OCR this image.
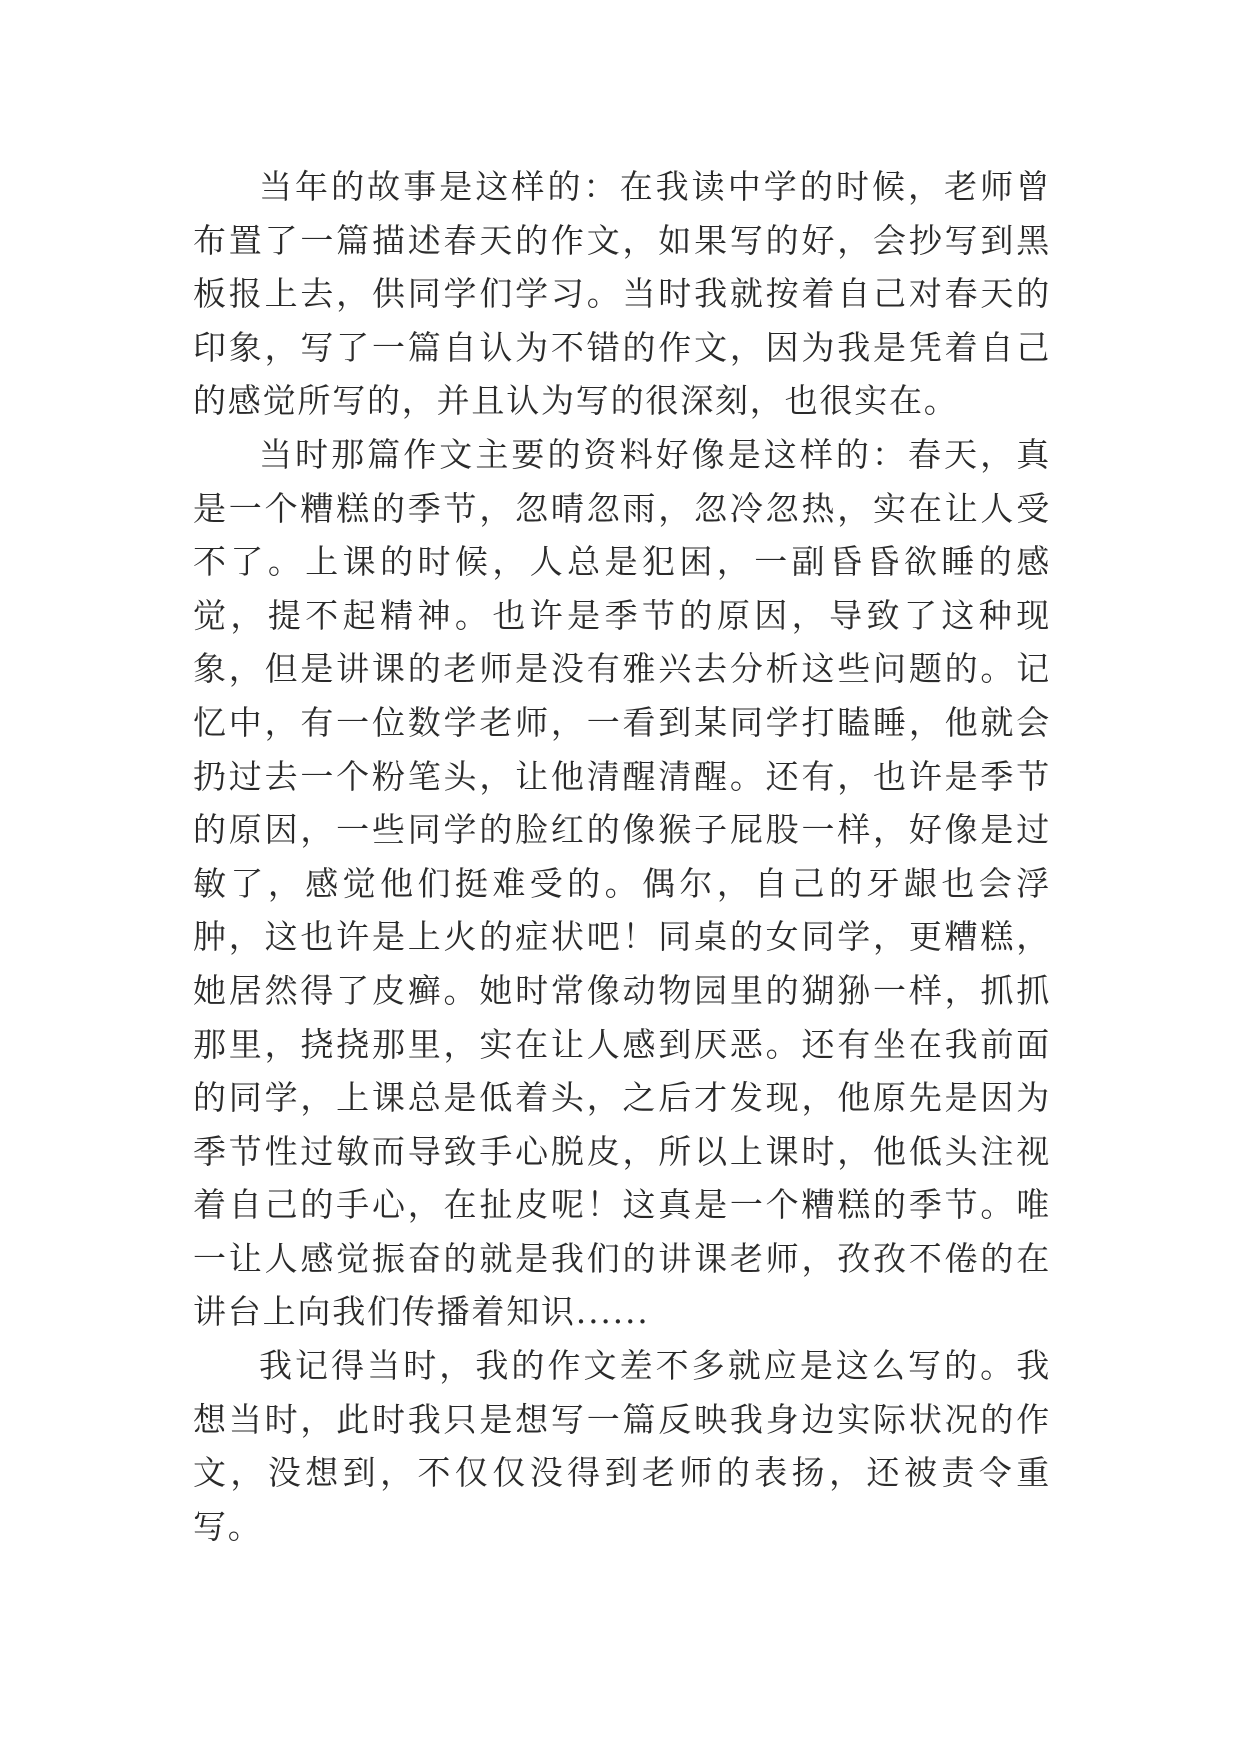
当年的故事是这样的：在我读中学的时候，老师曾布置了一篇描述春天的作文，如果写的好，会抄写到黑板报上去，供同学们学习。当时我就按着自己对春天的印象，写了一篇自认为不错的作文，因为我是凭着自己的感觉所写的，并且认为写的很深刻，也很实在。

当时那篇作文主要的资料好像是这样的：春天，真是一个糟糕的季节，忽晴忽雨，忽冷忽热，实在让人受不了。上课的时候，人总是犯困，一副昏昏欲睡的感觉，提不起精神。也许是季节的原因，导致了这种现象，但是讲课的老师是没有雅兴去分析这些问题的。记忆中，有一位数学老师，一看到某同学打瞌睡，他就会扔过去一个粉笔头，让他清醒清醒。还有，也许是季节的原因，一些同学的脸红的像猴子屁股一样，好像是过敏了，感觉他们挺难受的。偶尔，自己的牙龈也会浮肿，这也许是上火的症状吧！同桌的女同学，更糟糕，她居然得了皮癣。她时常像动物园里的猢狲一样，抓抓那里，挠挠那里，实在让人感到厌恶。还有坐在我前面的同学，上课总是低着头，之后才发现，他原先是因为季节性过敏而导致手心脱皮，所以上课时，他低头注视着自己的手心，在扯皮呢！这真是一个糟糕的季节。唯一让人感觉振奋的就是我们的讲课老师，孜孜不倦的在讲台上向我们传播着知识......

我记得当时，我的作文差不多就应是这么写的。我想当时，此时我只是想写一篇反映我身边实际状况的作文，没想到，不仅仅没得到老师的表扬，还被责令重写。
